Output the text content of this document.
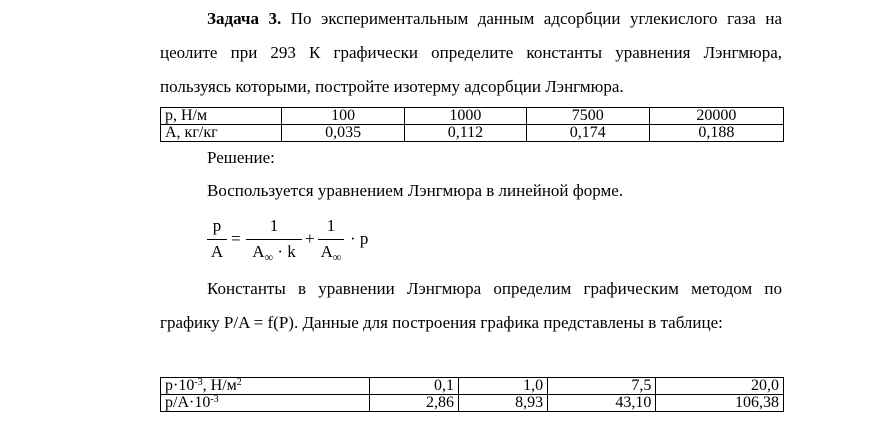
Задача 3. По экспериментальным данным адсорбции углекислого газа на цеолите при 293 К графически определите константы уравнения Лэнгмюра, пользуясь которыми, постройте изотерму адсорбции Лэнгмюра.
p, Н/м	100	1000	7500	20000
А, кг/кг	0,035	0,112	0,174	0,188
Решение:
Воспользуется уравнением Лэнгмюра в линейной форме.
p
A
=
1
$A_\infty \cdot k$
+
1
$A_\infty$
· p
Константы в уравнении Лэнгмюра определим графическим методом по графику P/A = f(P). Данные для построения графика представлены в таблице:
$p\cdot 10^{-3}$, $Н/м^2$	0,1	1,0	7,5	20,0
$p/A\cdot 10^{-3}$	2,86	8,93	43,10	106,38
